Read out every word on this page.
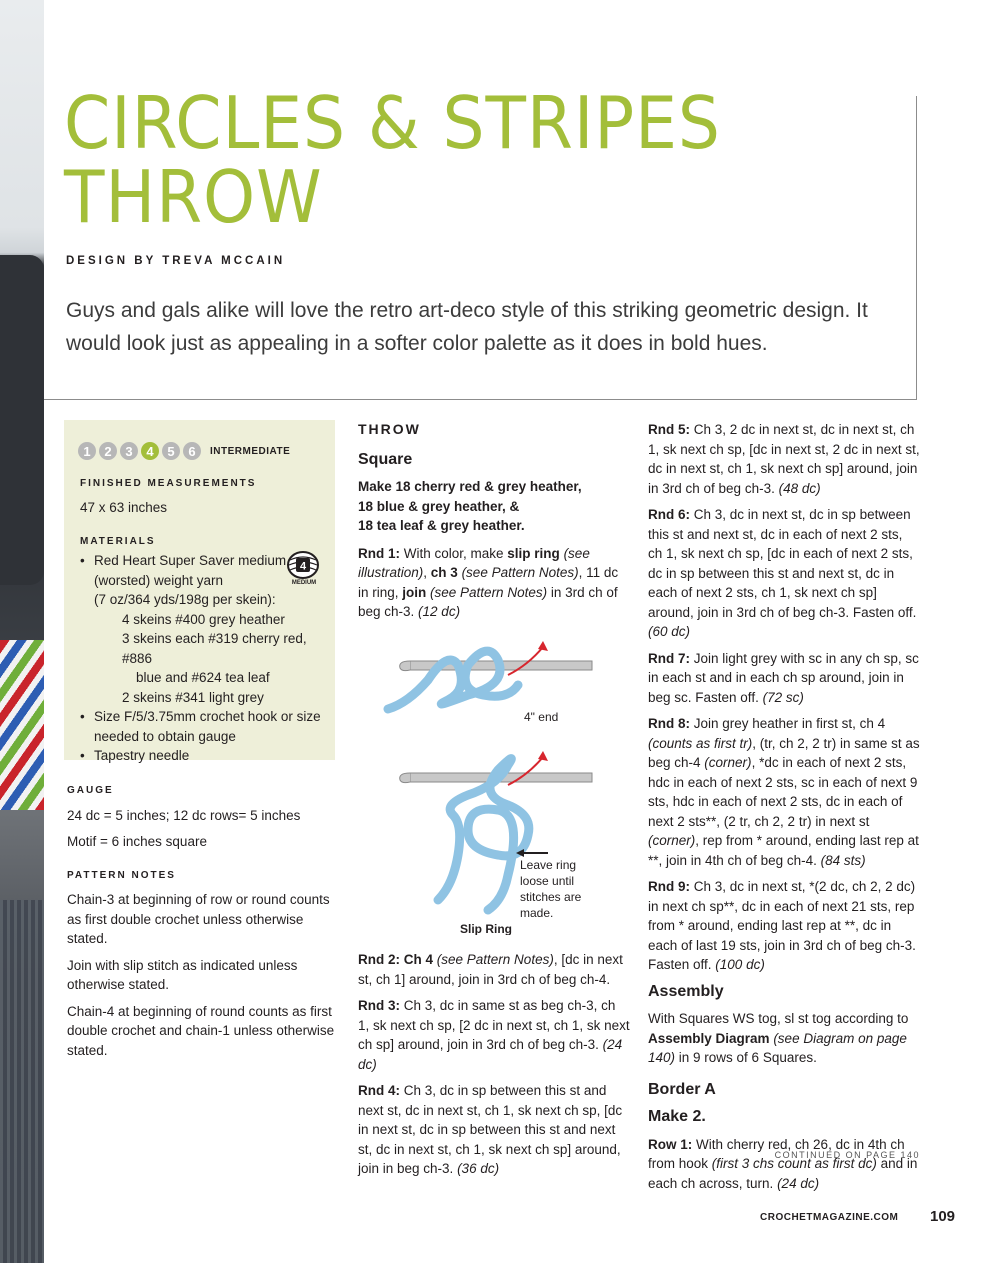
CIRCLES & STRIPES
THROW
DESIGN BY TREVA MCCAIN
Guys and gals alike will love the retro art-deco style of this striking geometric design. It would look just as appealing in a softer color palette as it does in bold hues.
1	2	3	4	5	6	INTERMEDIATE
FINISHED MEASUREMENTS
47 x 63 inches
MATERIALS
4
MEDIUM
• Red Heart Super Saver medium
(worsted) weight yarn
(7 oz/364 yds/198g per skein):
4 skeins #400 grey heather
3 skeins each #319 cherry red, #886
blue and #624 tea leaf
2 skeins #341 light grey
• Size F/5/3.75mm crochet hook or size
needed to obtain gauge
• Tapestry needle
GAUGE
24 dc = 5 inches; 12 dc rows= 5 inches
Motif = 6 inches square
PATTERN NOTES

Chain-3 at beginning of row or round counts as first double crochet unless otherwise stated.

Join with slip stitch as indicated unless otherwise stated.

Chain-4 at beginning of round counts as first double crochet and chain-1 unless otherwise stated.

THROW
Square
Make 18 cherry red & grey heather,
18 blue & grey heather, &
18 tea leaf & grey heather.

Rnd 1: With color, make slip ring (see illustration), ch 3 (see Pattern Notes), 11 dc in ring, join (see Pattern Notes) in 3rd ch of beg ch-3. (12 dc)

4" end
Leave ring loose until stitches are made.
Slip Ring

Rnd 2: Ch 4 (see Pattern Notes), [dc in next st, ch 1] around, join in 3rd ch of beg ch-4.

Rnd 3: Ch 3, dc in same st as beg ch-3, ch 1, sk next ch sp, [2 dc in next st, ch 1, sk next ch sp] around, join in 3rd ch of beg ch-3. (24 dc)

Rnd 4: Ch 3, dc in sp between this st and next st, dc in next st, ch 1, sk next ch sp, [dc in next st, dc in sp between this st and next st, dc in next st, ch 1, sk next ch sp] around, join in beg ch-3. (36 dc)

Rnd 5: Ch 3, 2 dc in next st, dc in next st, ch 1, sk next ch sp, [dc in next st, 2 dc in next st, dc in next st, ch 1, sk next ch sp] around, join in 3rd ch of beg ch-3. (48 dc)

Rnd 6: Ch 3, dc in next st, dc in sp between this st and next st, dc in each of next 2 sts, ch 1, sk next ch sp, [dc in each of next 2 sts, dc in sp between this st and next st, dc in each of next 2 sts, ch 1, sk next ch sp] around, join in 3rd ch of beg ch-3. Fasten off. (60 dc)

Rnd 7: Join light grey with sc in any ch sp, sc in each st and in each ch sp around, join in beg sc. Fasten off. (72 sc)

Rnd 8: Join grey heather in first st, ch 4 (counts as first tr), (tr, ch 2, 2 tr) in same st as beg ch-4 (corner), *dc in each of next 2 sts, hdc in each of next 2 sts, sc in each of next 9 sts, hdc in each of next 2 sts, dc in each of next 2 sts**, (2 tr, ch 2, 2 tr) in next st (corner), rep from * around, ending last rep at **, join in 4th ch of beg ch-4. (84 sts)

Rnd 9: Ch 3, dc in next st, *(2 dc, ch 2, 2 dc) in next ch sp**, dc in each of next 21 sts, rep from * around, ending last rep at **, dc in each of last 19 sts, join in 3rd ch of beg ch-3. Fasten off. (100 dc)

Assembly

With Squares WS tog, sl st tog according to Assembly Diagram (see Diagram on page 140) in 9 rows of 6 Squares.

Border A
Make 2.

Row 1: With cherry red, ch 26, dc in 4th ch from hook (first 3 chs count as first dc) and in each ch across, turn. (24 dc)

CONTINUED ON PAGE 140
CROCHETMAGAZINE.COM 109
